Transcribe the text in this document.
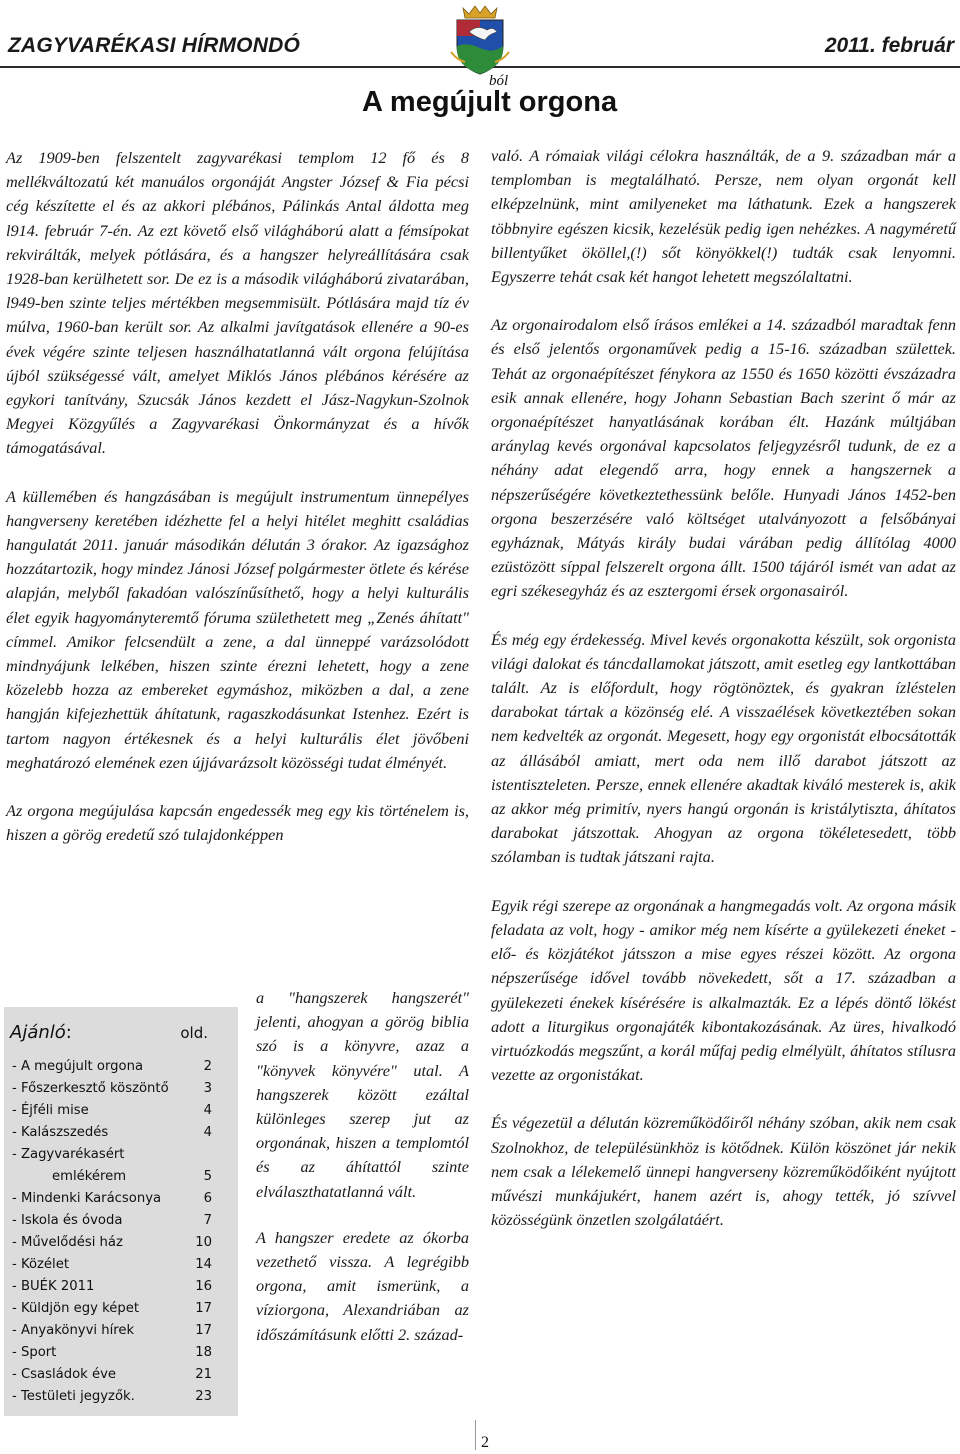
ZAGYVARÉKASI HÍRMONDÓ	2011. február
ból
A megújult orgona

Az 1909-ben felszentelt zagyvarékasi templom 12 fő és 8 mellékváltozatú két manuálos orgonáját Angster József & Fia pécsi cég készítette el és az akkori plébános, Pálinkás Antal áldotta meg l914. február 7-én. Az ezt követő első világháború alatt a fémsípokat rekvirálták, melyek pótlására, és a hangszer helyreállítására csak 1928-ban kerülhetett sor. De ez is a második világháború zivatarában, l949-ben szinte teljes mértékben megsemmisült. Pótlására majd tíz év múlva, 1960-ban került sor. Az alkalmi javítgatások ellenére a 90-es évek végére szinte teljesen használhatatlanná vált orgona felújítása újból szükségessé vált, amelyet Miklós János plébános kérésére az egykori tanítvány, Szucsák János kezdett el Jász-Nagykun-Szolnok Megyei Közgyűlés a Zagyvarékasi Önkormányzat és a hívők támogatásával.

A küllemében és hangzásában is megújult instrumentum ünnepélyes hangverseny keretében idézhette fel a helyi hitélet meghitt családias hangulatát 2011. január másodikán délután 3 órakor. Az igazsághoz hozzátartozik, hogy mindez Jánosi József polgármester ötlete és kérése alapján, melyből fakadóan valószínűsíthető, hogy a helyi kulturális élet egyik hagyományteremtő fóruma születhetett meg „Zenés áhítatt" címmel. Amikor felcsendült a zene, a dal ünneppé varázsolódott mindnyájunk lelkében, hiszen szinte érezni lehetett, hogy a zene közelebb hozza az embereket egymáshoz, miközben a dal, a zene hangján kifejezhettük áhítatunk, ragaszkodásunkat Istenhez. Ezért is tartom nagyon értékesnek és a helyi kulturális élet jövőbeni meghatározó elemének ezen újjávarázsolt közösségi tudat élményét.

Az orgona megújulása kapcsán engedessék meg egy kis történelem is, hiszen a görög eredetű szó tulajdonképpen

a "hangszerek hangszerét" jelenti, ahogyan a görög biblia szó is a könyvre, azaz a "könyvek könyvére" utal. A hangszerek között ezáltal különleges szerep jut az orgonának, hiszen a templomtól és az áhítattól szinte elválaszthatatlanná vált.

A hangszer eredete az ókorba vezethető vissza. A legrégibb orgona, amit ismerünk, a víziorgona, Alexandriában az időszámításunk előtti 2. század-

való. A rómaiak világi célokra használták, de a 9. században már a templomban is megtalálható. Persze, nem olyan orgonát kell elképzelnünk, mint amilyeneket ma láthatunk. Ezek a hangszerek többnyire egészen kicsik, kezelésük pedig igen nehézkes. A nagyméretű billentyűket ököllel,(!) sőt könyökkel(!) tudták csak lenyomni. Egyszerre tehát csak két hangot lehetett megszólaltatni.

Az orgonairodalom első írásos emlékei a 14. századból maradtak fenn és első jelentős orgonaművek pedig a 15-16. században születtek. Tehát az orgonaépítészet fénykora az 1550 és 1650 közötti évszázadra esik annak ellenére, hogy Johann Sebastian Bach szerint ő már az orgonaépítészet hanyatlásának korában élt. Hazánk múltjában aránylag kevés orgonával kapcsolatos feljegyzésről tudunk, de ez a néhány adat elegendő arra, hogy ennek a hangszernek a népszerűségére következtethessünk belőle. Hunyadi János 1452-ben orgona beszerzésére való költséget utalványozott a felsőbányai egyháznak, Mátyás király budai várában pedig állítólag 4000 ezüstözött síppal felszerelt orgona állt. 1500 tájáról ismét van adat az egri székesegyház és az esztergomi érsek orgonasairól.

És még egy érdekesség. Mivel kevés orgonakotta készült, sok orgonista világi dalokat és táncdallamokat játszott, amit esetleg egy lantkottában talált. Az is előfordult, hogy rögtönöztek, és gyakran ízléstelen darabokat tártak a közönség elé. A visszaélések következtében sokan nem kedvelték az orgonát. Megesett, hogy egy orgonistát elbocsátották az állásából amiatt, mert oda nem illő darabot játszott az istentiszteleten. Persze, ennek ellenére akadtak kiváló mesterek is, akik az akkor még primitív, nyers hangú orgonán is kristálytiszta, áhítatos darabokat játszottak. Ahogyan az orgona tökéletesedett, több szólamban is tudtak játszani rajta.

Egyik régi szerepe az orgonának a hangmegadás volt. Az orgona másik feladata az volt, hogy - amikor még nem kísérte a gyülekezeti éneket - elő- és közjátékot játsszon a mise egyes részei között. Az orgona népszerűsége idővel tovább növekedett, sőt a 17. században a gyülekezeti énekek kísérésére is alkalmazták. Ez a lépés döntő lökést adott a liturgikus orgonajáték kibontakozásának. Az üres, hivalkodó virtuózkodás megszűnt, a korál műfaj pedig elmélyült, áhítatos stílusra vezette az orgonistákat.

És végezetül a délután közreműködőiről néhány szóban, akik nem csak Szolnokhoz, de településünkhöz is kötődnek. Külön köszönet jár nekik nem csak a lélekemelő ünnepi hangverseny közreműködőiként nyújtott művészi munkájukért, hanem azért is, ahogy tették, jó szívvel közösségünk önzetlen szolgálatáért.

Ajánló:	old.
- A megújult orgona	2
- Főszerkesztő köszöntő	3
- Éjféli mise	4
- Kalászszedés	4
- Zagyvarékasért
emlékérem	5
- Mindenki Karácsonya	6
- Iskola és óvoda	7
- Művelődési ház	10
- Közélet	14
- BUÉK 2011	16
- Küldjön egy képet	17
- Anyakönyvi hírek	17
- Sport	18
- Csasládok éve	21
- Testületi jegyzők.	23
2
